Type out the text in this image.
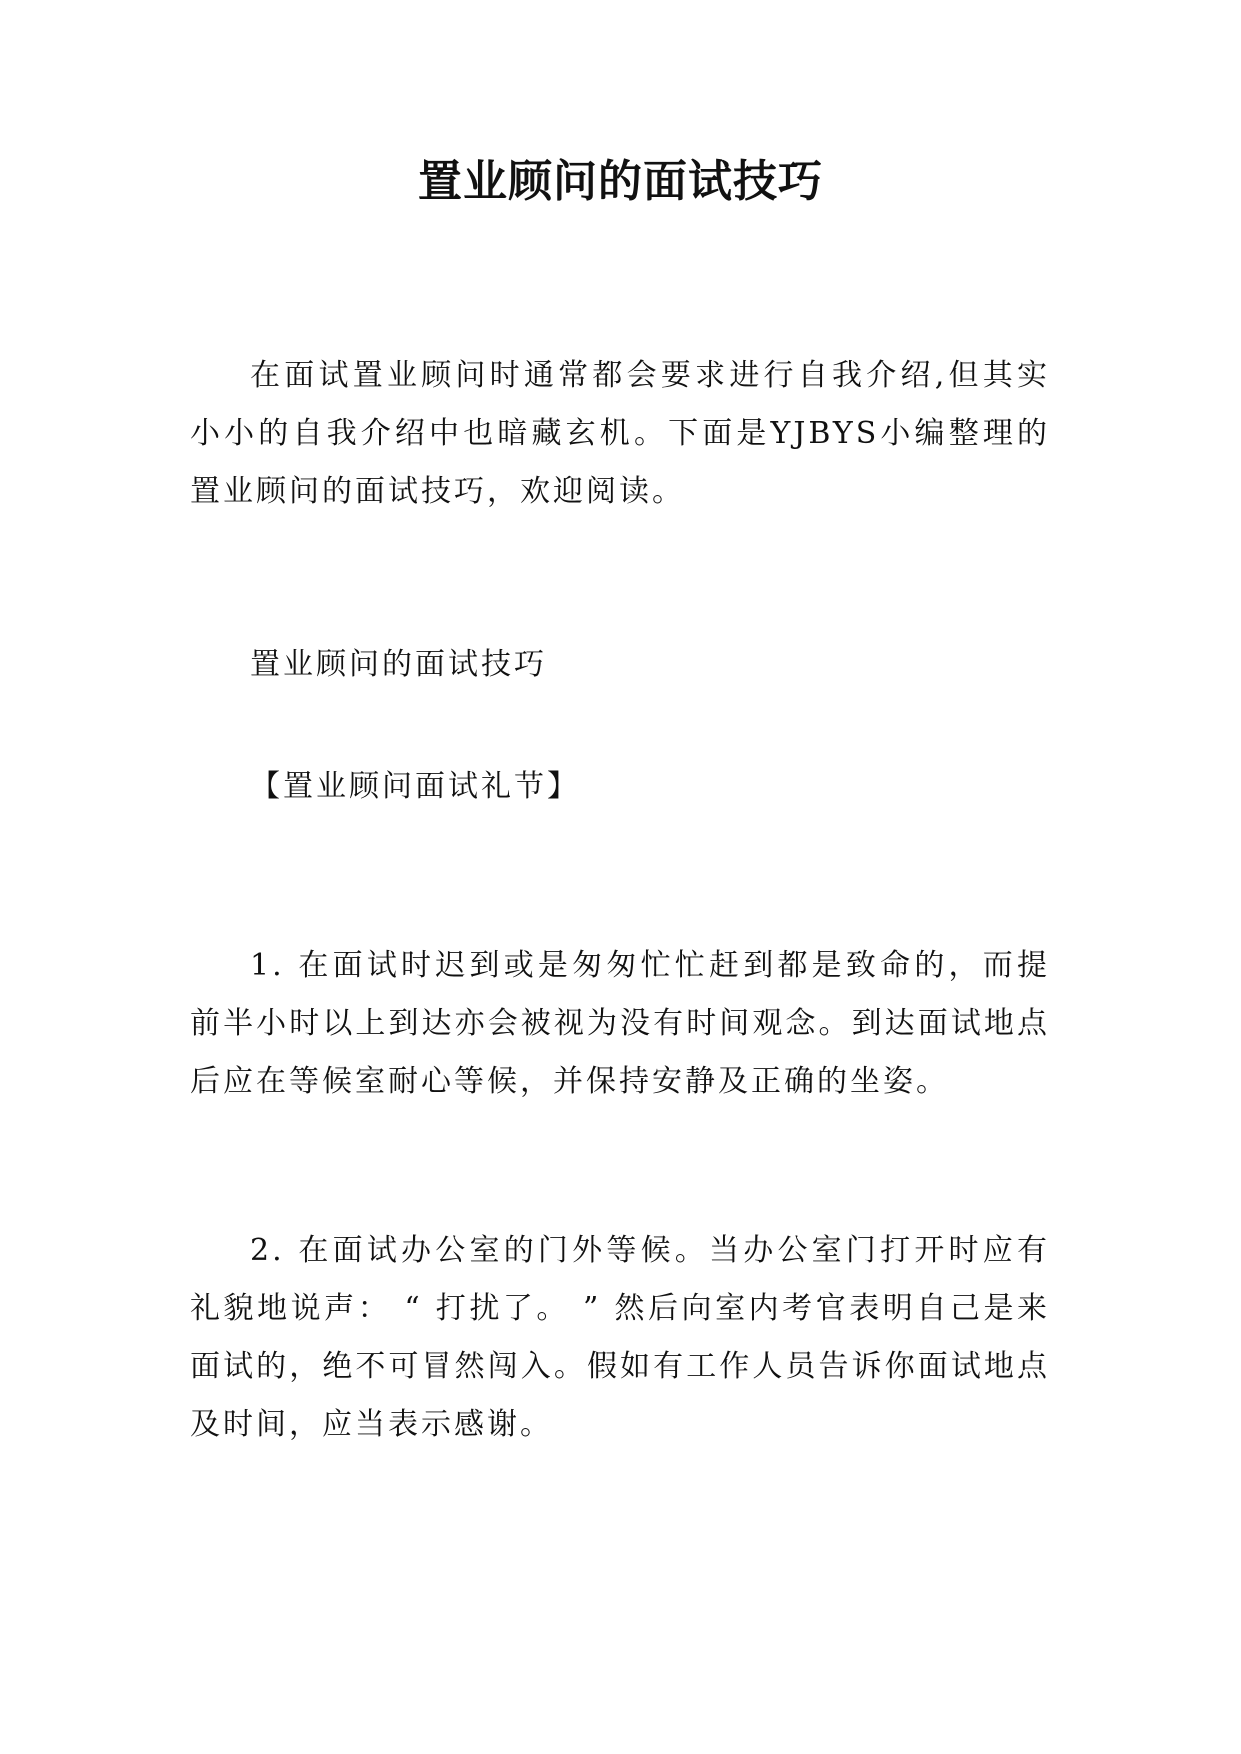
置业顾问的面试技巧

在面试置业顾问时通常都会要求进行自我介绍,但其实小小的自我介绍中也暗藏玄机。下面是YJBYS小编整理的置业顾问的面试技巧，欢迎阅读。

置业顾问的面试技巧

【置业顾问面试礼节】

1. 在面试时迟到或是匆匆忙忙赶到都是致命的，而提前半小时以上到达亦会被视为没有时间观念。到达面试地点后应在等候室耐心等候，并保持安静及正确的坐姿。

2. 在面试办公室的门外等候。当办公室门打开时应有礼貌地说声： “ 打扰了。 ” 然后向室内考官表明自己是来面试的，绝不可冒然闯入。假如有工作人员告诉你面试地点及时间，应当表示感谢。
